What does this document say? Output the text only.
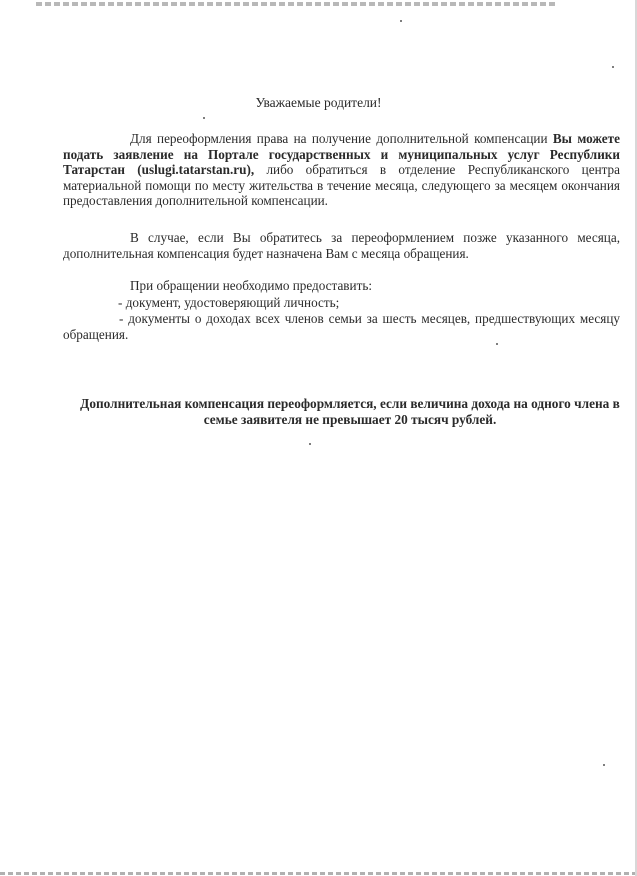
Уважаемые родители!
Для переоформления права на получение дополнительной компенсации Вы можете подать заявление на Портале государственных и муниципальных услуг Республики Татарстан (uslugi.tatarstan.ru), либо обратиться в отделение Республиканского центра материальной помощи по месту жительства в течение месяца, следующего за месяцем окончания предоставления дополнительной компенсации.
В случае, если Вы обратитесь за переоформлением позже указанного месяца, дополнительная компенсация будет назначена Вам с месяца обращения.
При обращении необходимо предоставить:
- документ, удостоверяющий личность;
- документы о доходах всех членов семьи за шесть месяцев, предшествующих месяцу обращения.
Дополнительная компенсация переоформляется, если величина дохода на одного члена в семье заявителя не превышает 20 тысяч рублей.
